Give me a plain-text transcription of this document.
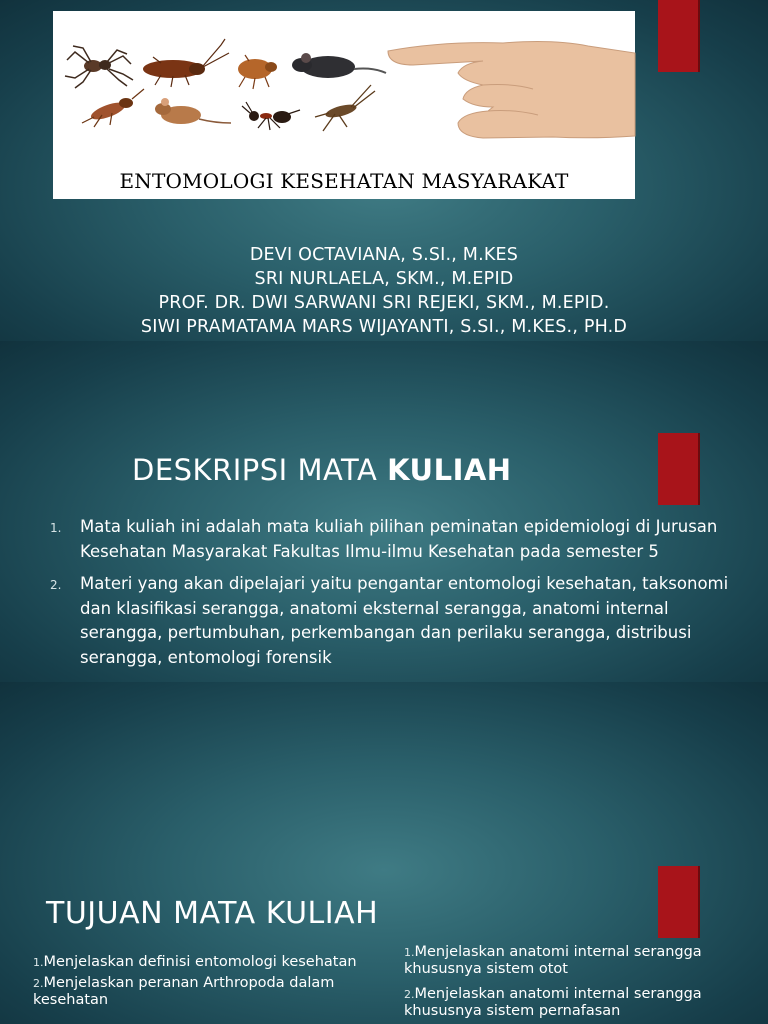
ENTOMOLOGI KESEHATAN MASYARAKAT
DEVI OCTAVIANA, S.SI., M.KES
SRI NURLAELA, SKM., M.EPID
PROF. DR. DWI SARWANI SRI REJEKI, SKM., M.EPID.
SIWI PRAMATAMA MARS WIJAYANTI, S.SI., M.KES., PH.D
DESKRIPSI MATA KULIAH
1. Mata kuliah ini adalah mata kuliah pilihan peminatan epidemiologi di Jurusan Kesehatan Masyarakat Fakultas Ilmu-ilmu Kesehatan pada semester 5
2. Materi yang akan dipelajari yaitu pengantar entomologi kesehatan, taksonomi dan klasifikasi serangga, anatomi eksternal serangga, anatomi internal serangga, pertumbuhan, perkembangan dan perilaku serangga, distribusi serangga, entomologi forensik
TUJUAN MATA KULIAH
1.Menjelaskan definisi entomologi kesehatan
2.Menjelaskan peranan Arthropoda dalam kesehatan
1.Menjelaskan anatomi internal serangga khususnya sistem otot
2.Menjelaskan anatomi internal serangga khususnya sistem pernafasan
